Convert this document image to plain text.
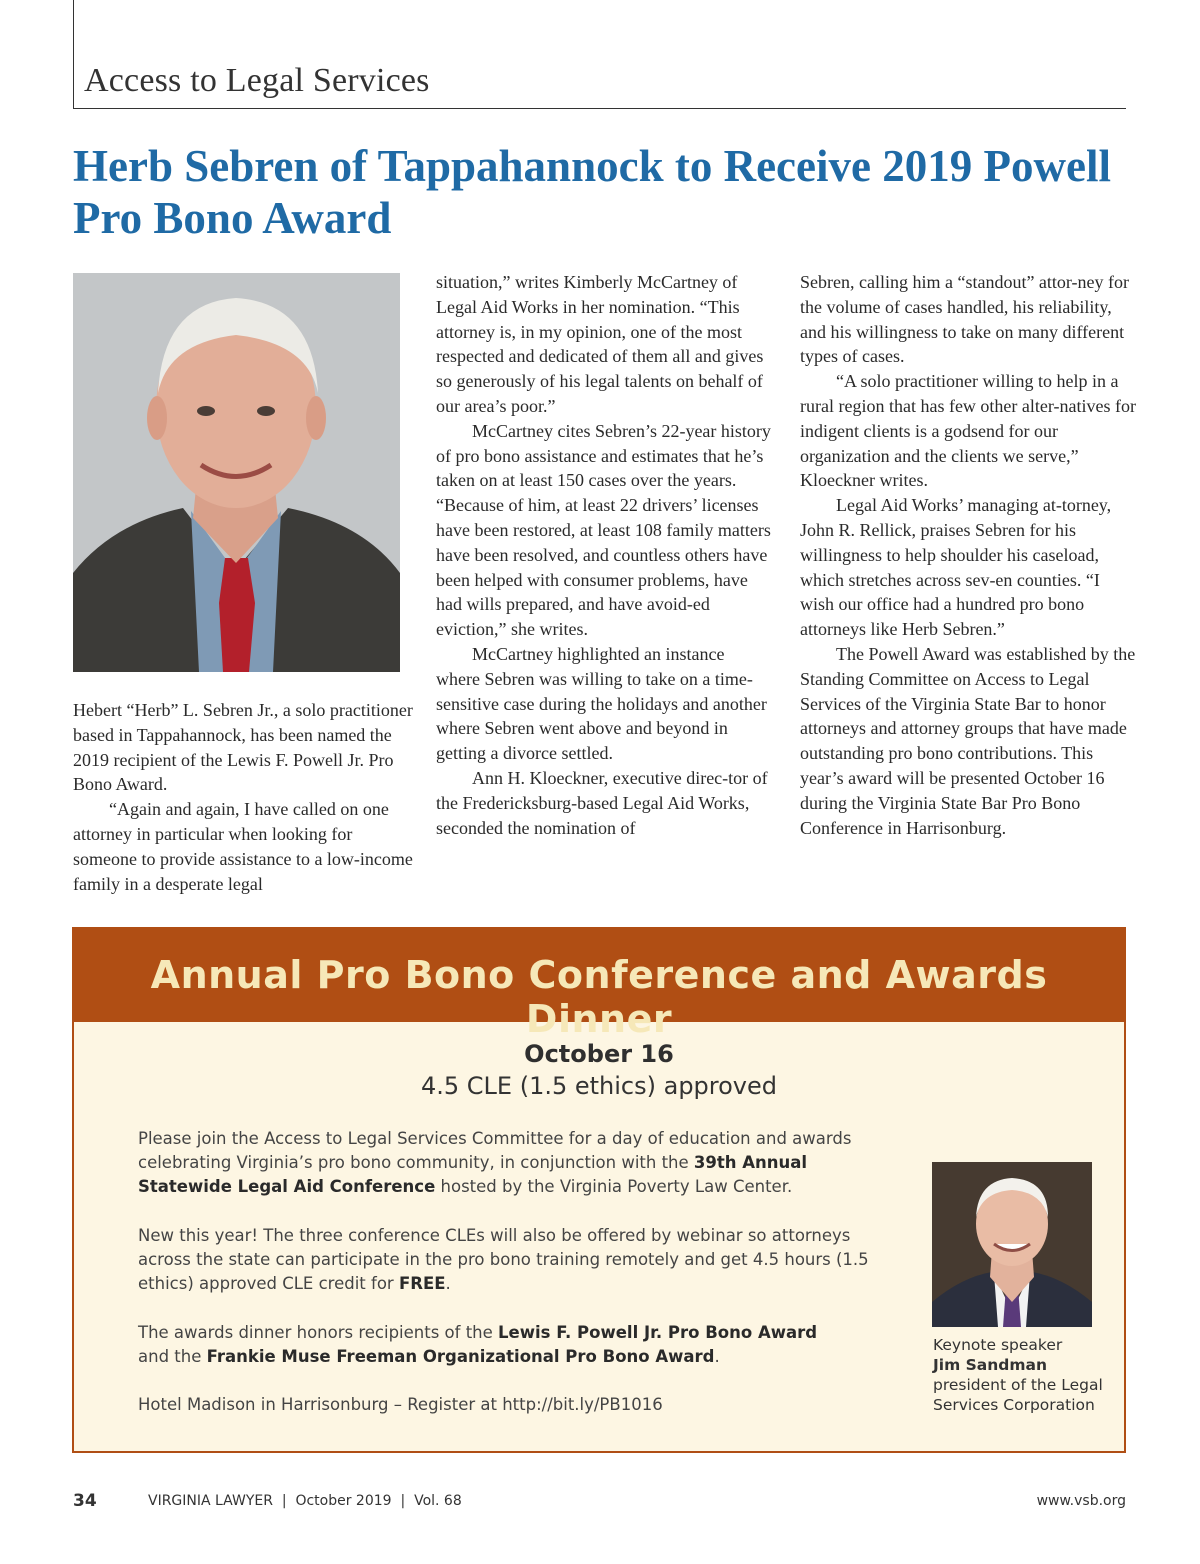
Access to Legal Services
Herb Sebren of Tappahannock to Receive 2019 Powell
Pro Bono Award

Hebert “Herb” L. Sebren Jr., a solo practitioner based in Tappahannock, has been named the 2019 recipient of the Lewis F. Powell Jr. Pro Bono Award.

“Again and again, I have called on one attorney in particular when looking for someone to provide assistance to a low-income family in a desperate legal

situation,” writes Kimberly McCartney of Legal Aid Works in her nomination. “This attorney is, in my opinion, one of the most respected and dedicated of them all and gives so generously of his legal talents on behalf of our area’s poor.”

McCartney cites Sebren’s 22-year history of pro bono assistance and estimates that he’s taken on at least 150 cases over the years. “Because of him, at least 22 drivers’ licenses have been restored, at least 108 family matters have been resolved, and countless others have been helped with consumer problems, have had wills prepared, and have avoid-ed eviction,” she writes.

McCartney highlighted an instance where Sebren was willing to take on a time-sensitive case during the holidays and another where Sebren went above and beyond in getting a divorce settled.

Ann H. Kloeckner, executive direc-tor of the Fredericksburg-based Legal Aid Works, seconded the nomination of

Sebren, calling him a “standout” attor-ney for the volume of cases handled, his reliability, and his willingness to take on many different types of cases.

“A solo practitioner willing to help in a rural region that has few other alter-natives for indigent clients is a godsend for our organization and the clients we serve,” Kloeckner writes.

Legal Aid Works’ managing at-torney, John R. Rellick, praises Sebren for his willingness to help shoulder his caseload, which stretches across sev-en counties. “I wish our office had a hundred pro bono attorneys like Herb Sebren.”

The Powell Award was established by the Standing Committee on Access to Legal Services of the Virginia State Bar to honor attorneys and attorney groups that have made outstanding pro bono contributions. This year’s award will be presented October 16 during the Virginia State Bar Pro Bono Conference in Harrisonburg.

Annual Pro Bono Conference and Awards Dinner
October 16
4.5 CLE (1.5 ethics) approved
Please join the Access to Legal Services Committee for a day of education and awards celebrating Virginia’s pro bono community, in conjunction with the 39th Annual Statewide Legal Aid Conference hosted by the Virginia Poverty Law Center.
New this year! The three conference CLEs will also be offered by webinar so attorneys across the state can participate in the pro bono training remotely and get 4.5 hours (1.5 ethics) approved CLE credit for FREE.
The awards dinner honors recipients of the Lewis F. Powell Jr. Pro Bono Award
and the Frankie Muse Freeman Organizational Pro Bono Award.
Hotel Madison in Harrisonburg – Register at http://bit.ly/PB1016
Keynote speaker
Jim Sandman
president of the Legal
Services Corporation
34	VIRGINIA LAWYER  |  October 2019  |  Vol. 68	www.vsb.org
